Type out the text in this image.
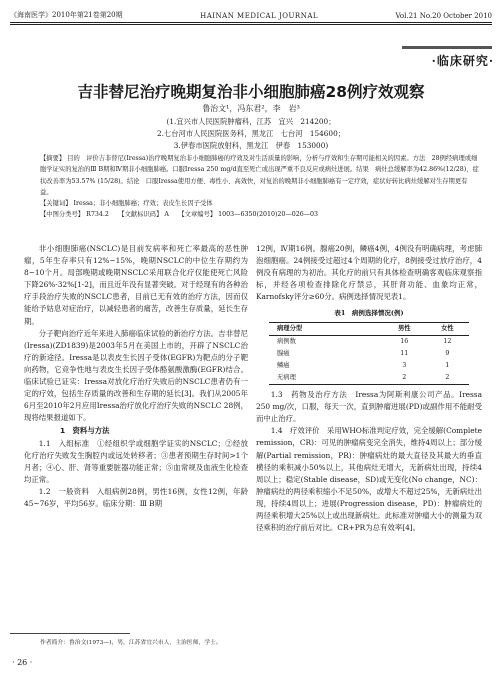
《海南医学》2010年第21卷第20期	HAINAN MEDICAL JOURNAL	Vol.21 No.20 October 2010
·临床研究·
吉非替尼治疗晚期复治非小细胞肺癌28例疗效观察
鲁治文¹，冯东君²，李　岩³
(1.宜兴市人民医院肿瘤科，江苏　宜兴　214200；
2.七台河市人民医院医务科，黑龙江　七台河　154600；
3.伊春市医院放射科，黑龙江　伊春　153000)

【摘要】 目的　评价吉非替尼(Iressa)治疗晚期复治非小细胞肺癌的疗效及对生活质量的影响，分析与疗效和生存期可能相关的因素。方法　28例经病理或细胞学证实的复治的Ⅲ B期和Ⅳ期非小细胞肺癌。口服Iressa 250 mg/d直至死亡或出现严重不良反应或病灶进展。结果　病灶总缓解率为42.86%(12/28)，症状改善率为53.57% (15/28)。结论　口服Iressa使用方便、毒性小、高效快，对复治的晚期非小细胞肺癌有一定疗效，症状好转比病灶缓解对生存期更有益。

【关键词】 Iressa；非小细胞肺癌；疗效；表皮生长因子受体

【中图分类号】 R734.2　　【文献标识码】 A　　【文章编号】 1003—6350(2010)20—026—03

非小细胞肺癌(NSCLC)是目前发病率和死亡率最高的恶性肿瘤，5年生存率只有12%~15%，晚期NSCLC的中位生存期约为8~10个月。局部晚期或晚期NSCLC采用联合化疗仅能使死亡风险下降26%-32%[1-2]，而且近年没有显著突破。对于经现有的各种治疗手段治疗失败的NSCLC患者，目前已无有效的治疗方法，因而仅能给予姑息对症治疗，以减轻患者的痛苦，改善生存质量，延长生存期。

分子靶向治疗近年来进入肺癌临床试验的新治疗方法。吉非替尼(Iressa)(ZD1839)是2003年5月在美国上市的，开辟了NSCLC治疗的新途径。Iressa是以表皮生长因子受体(EGFR)为靶点的分子靶向药物，它竞争性地与表皮生长因子受体酪氨酸激酶(EGFR)结合。临床试验已证实：Iressa对放化疗治疗失败后的NSCLC患者仍有一定的疗效，包括生存质量的改善和生存期的延长[3]。我们从2005年6月至2010年2月应用Iressa治疗放化疗治疗失败的NSCLC 28例，现将结果报道如下。

1　资料与方法

1.1　入组标准　①经组织学或细胞学证实的NSCLC；②经放化疗治疗失败发生胸腔内或远处转移者；③患者预期生存时间>1个月者；④心、肝、肾等重要脏器功能正常；⑤血常规及血液生化检查均正常。

1.2　一般资料　入组病例28例，男性16例，女性12例，年龄45~76岁，平均56岁。临床分期：Ⅲ B期

12例，Ⅳ期16例。腺癌20例，鳞癌4例，4例没有明确病理，考虑肺泡细胞癌。24例接受过超过4个周期的化疗，8例接受过放疗治疗，4例没有病理的为初治。其化疗的前只有具体检查明确客观临床观察指标，并经各项检查排除化疗禁忌，其肝肾功能、血象均正常，Karnofsky评分≥60分。病例选择情况见表1。

表1　病例选择情况(例)
病理分型	男性	女性
病例数	16	12
腺癌	11	9
鳞癌	3	1
无病理	2	2

1.3　药物及治疗方法　Iressa为阿斯利康公司产品。Iressa 250 mg/次，口服，每天一次，直到肿瘤进展(PD)或副作用不能耐受而中止治疗。

1.4　疗效评价　采用WHO标准判定疗效，完全缓解(Complete remission，CR)：可见的肿瘤病变完全消失，维持4周以上；部分缓解(Partial remission，PR)：肿瘤病灶的最大直径及其最大的垂直横径的乘积减小50%以上，其他病灶无增大，无新病灶出现，持续4周以上；稳定(Stable disease，SD)或无变化(No change，NC)：肿瘤病灶的两径乘积缩小不足50%，或增大不超过25%，无新病灶出现，持续4周以上；进展(Progression disease，PD)：肿瘤病灶的两径乘积增大25%以上或出现新病灶。此标准对肿瘤大小的测量为双径乘积的治疗前后对比。CR+PR为总有效率[4]。

作者简介：鲁治文(1973—)，男，江苏省宜兴市人，主治医师，学士。
· 26 ·
